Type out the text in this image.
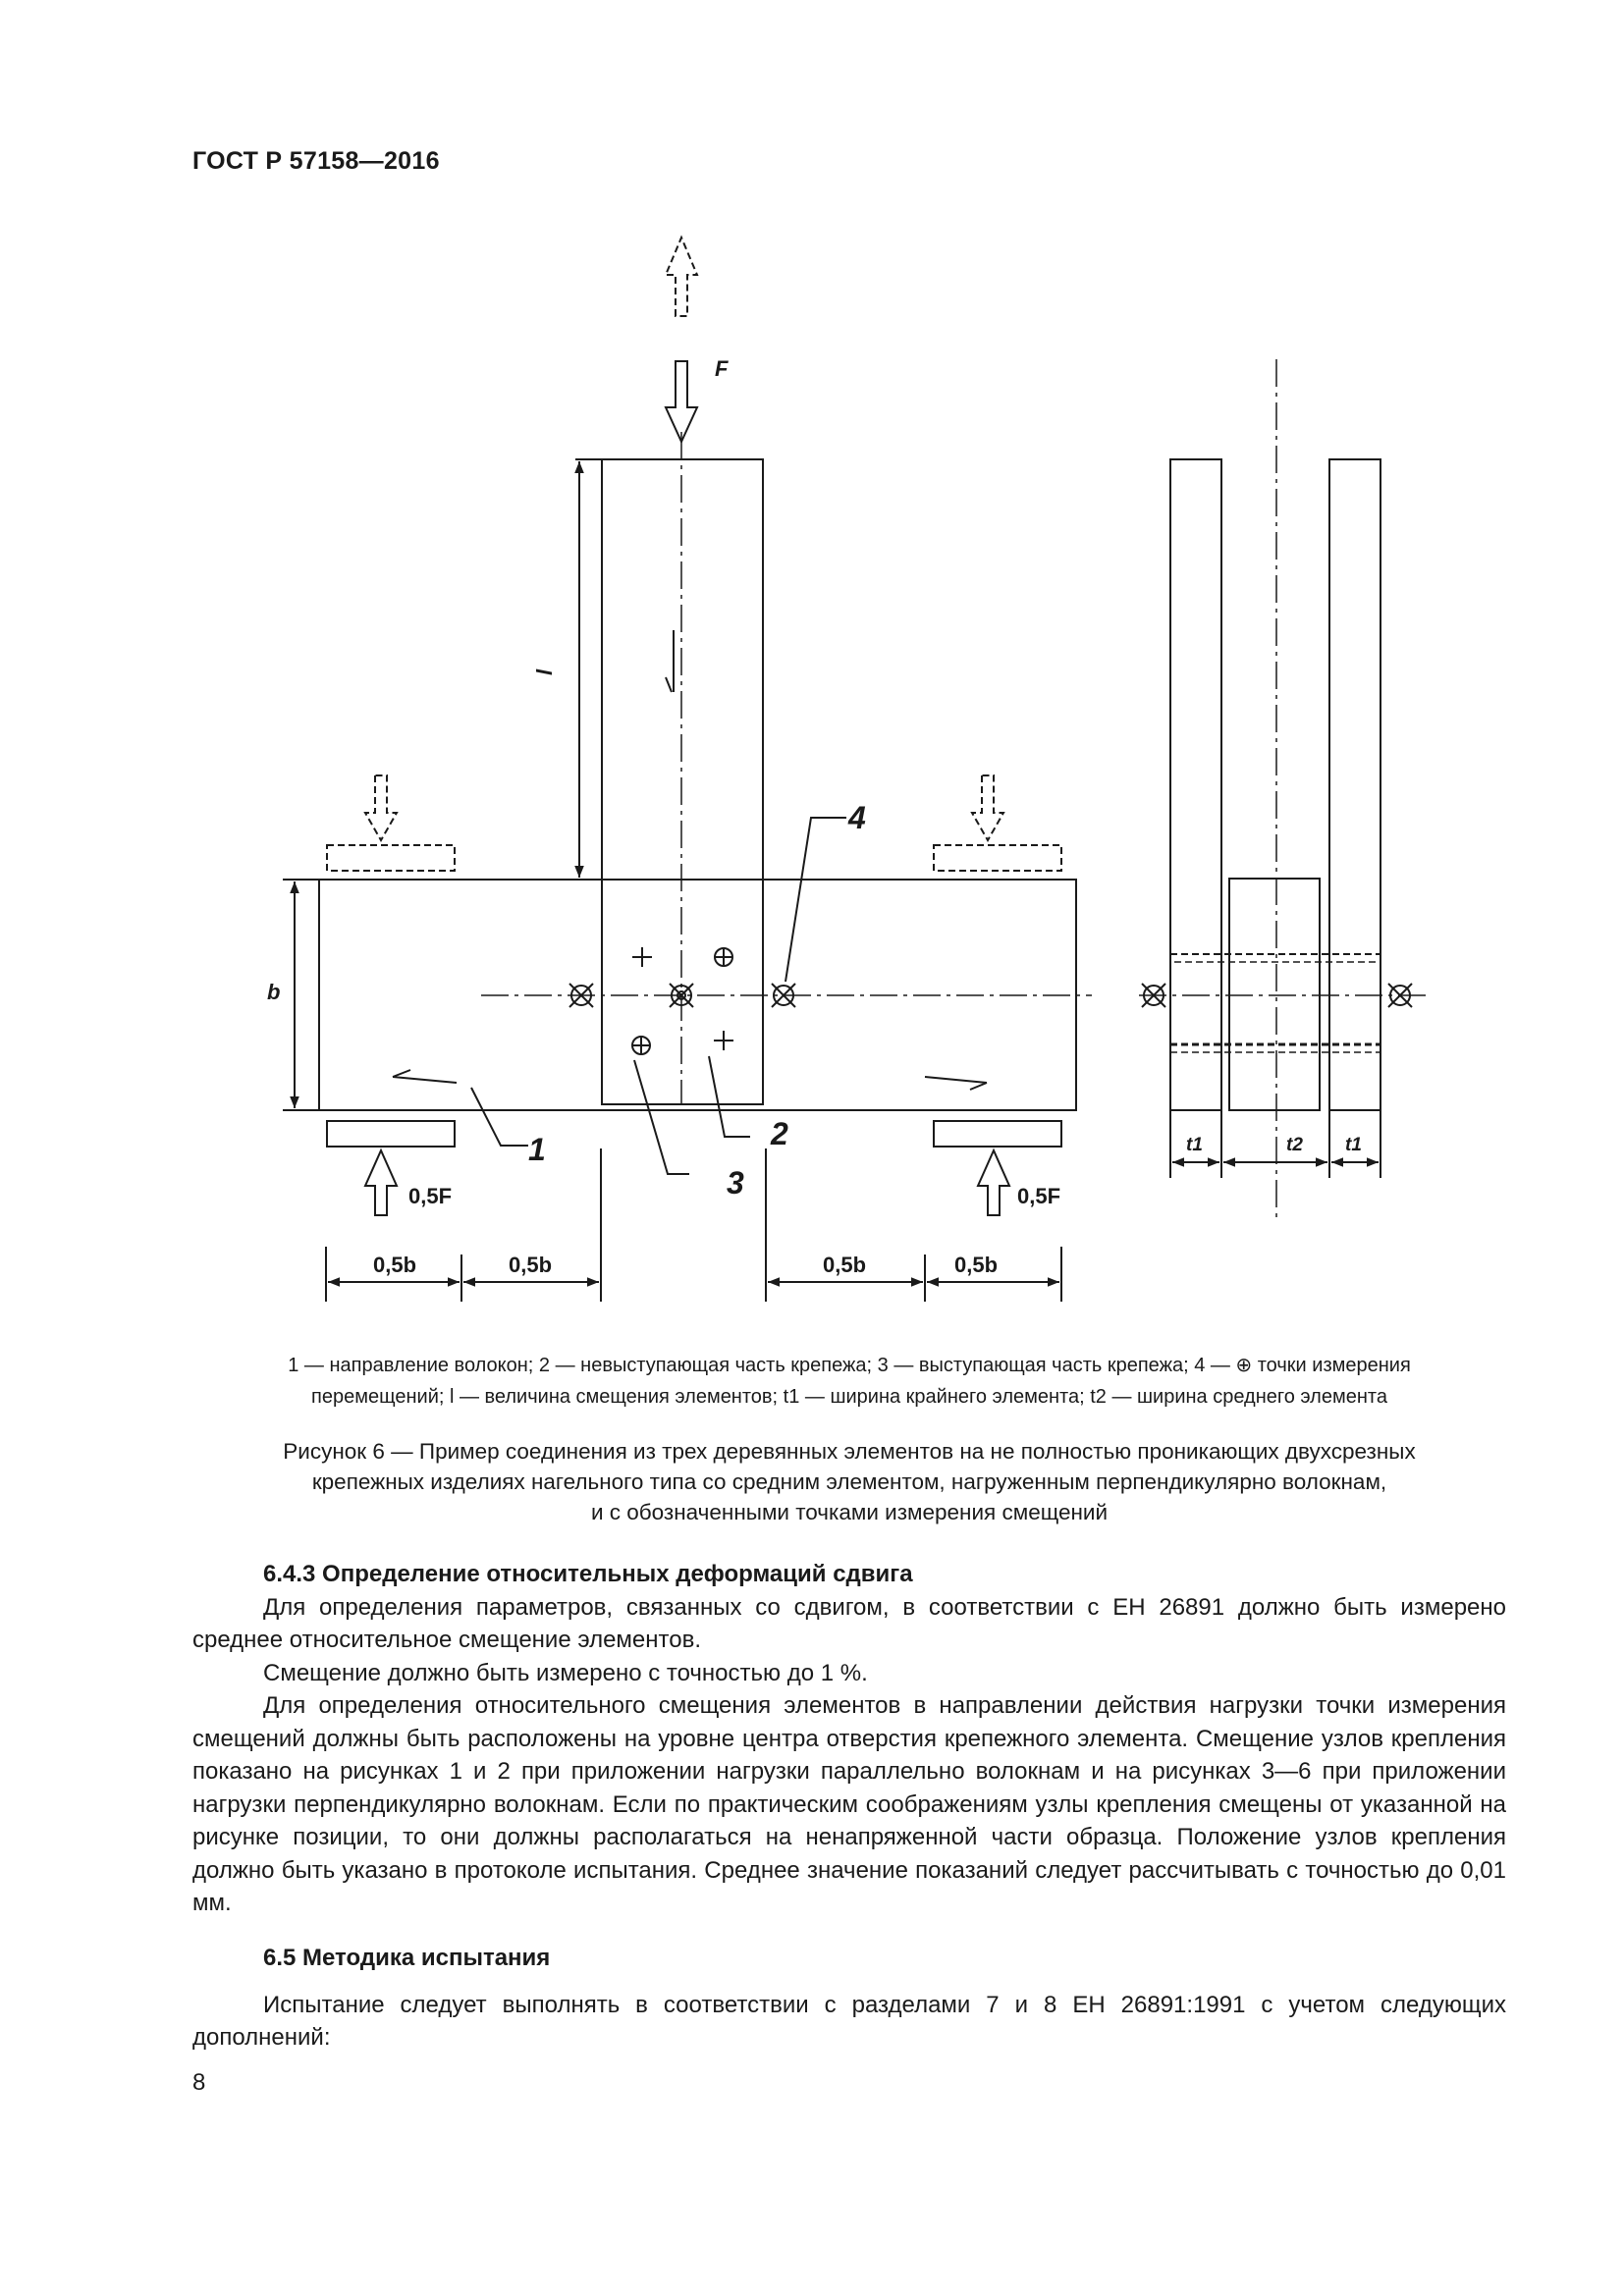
ГОСТ Р 57158—2016
F
0,5F	0,5F
b
l
0,5b	0,5b	0,5b	0,5b
t1	t2 t1
1	2
3
4
1 — направление волокон; 2 — невыступающая часть крепежа; 3 — выступающая часть крепежа; 4 — ⊕ точки измерения
перемещений; l — величина смещения элементов; t1 — ширина крайнего элемента; t2 — ширина среднего элемента
Рисунок 6 — Пример соединения из трех деревянных элементов на не полностью проникающих двухсрезных
крепежных изделиях нагельного типа со средним элементом, нагруженным перпендикулярно волокнам,
и с обозначенными точками измерения смещений
6.4.3 Определение относительных деформаций сдвига

Для определения параметров, связанных со сдвигом, в соответствии с ЕН 26891 должно быть измерено среднее относительное смещение элементов.

Смещение должно быть измерено с точностью до 1 %.

Для определения относительного смещения элементов в направлении действия нагрузки точки измерения смещений должны быть расположены на уровне центра отверстия крепежного элемента. Смещение узлов крепления показано на рисунках 1 и 2 при приложении нагрузки параллельно волокнам и на рисунках 3—6 при приложении нагрузки перпендикулярно волокнам. Если по практическим соображениям узлы крепления смещены от указанной на рисунке позиции, то они должны располагаться на ненапряженной части образца. Положение узлов крепления должно быть указано в протоколе испытания. Среднее значение показаний следует рассчитывать с точностью до 0,01 мм.

6.5 Методика испытания

Испытание следует выполнять в соответствии с разделами 7 и 8 ЕН 26891:1991 с учетом следующих дополнений:

8
